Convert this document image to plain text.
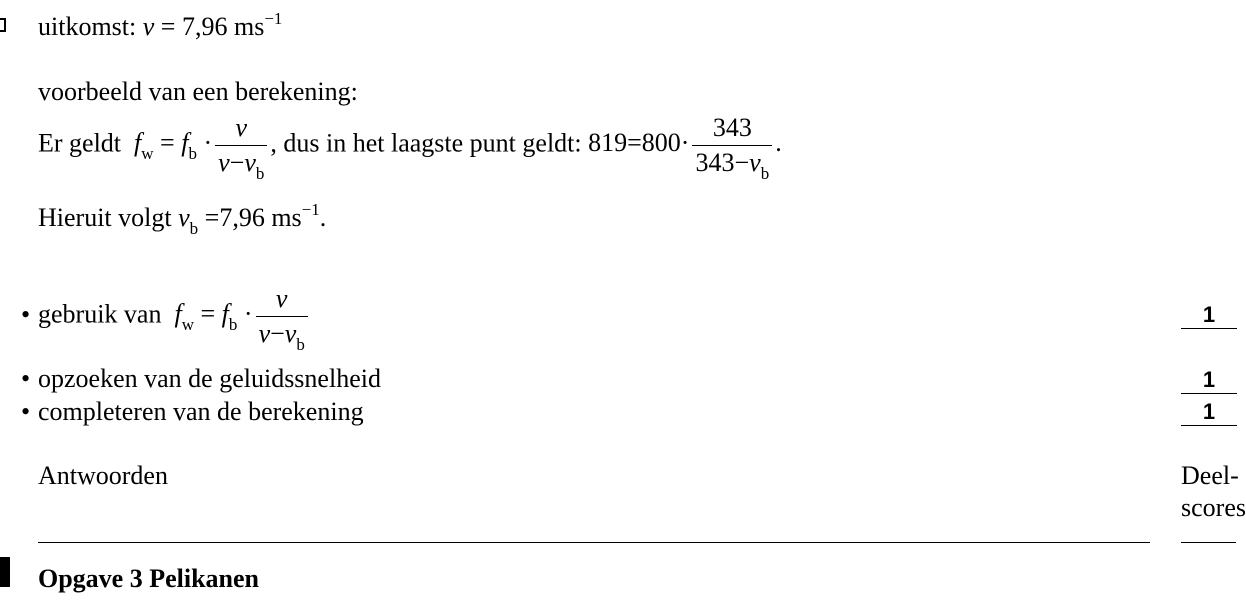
uitkomst: v = 7,96 $ms^{-1}$
voorbeeld van een berekening:
Er geldt $f_w = f_b \cdot \frac{v}{v-v_b}$ , dus in het laagste punt geldt: $819=800\cdot \frac{343}{343-v_b}$ .
Hieruit volgt $v_b =7,96$ $ms^{-1}$.
• gebruik van $f_w = f_b \cdot \frac{v}{v-v_b}$	1
• opzoeken van de geluidssnelheid	1
• completeren van de berekening	1
Antwoorden	Deel-
scores
Opgave 3 Pelikanen
